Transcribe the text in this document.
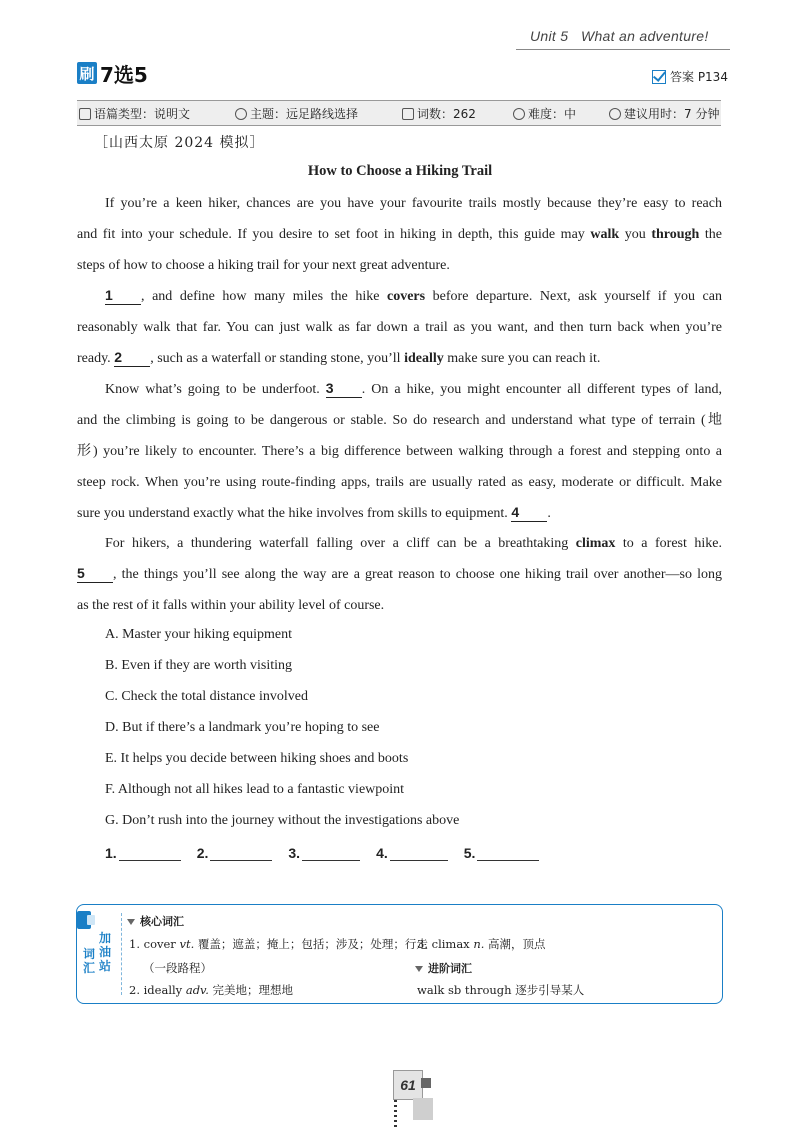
Unit 5 What an adventure!
刷 7选5	答案 P134
语篇类型：说明文	主题：远足路线选择	词数：262	难度：中	建议用时：7 分钟
［山西太原 2024 模拟］
How to Choose a Hiking Trail
If you’re a keen hiker, chances are you have your favourite trails mostly because they’re easy to reach
and fit into your schedule. If you desire to set foot in hiking in depth, this guide may walk you through the
steps of how to choose a hiking trail for your next great adventure.
1 , and define how many miles the hike covers before departure. Next, ask yourself if you can
reasonably walk that far. You can just walk as far down a trail as you want, and then turn back when you’re
ready. 2 , such as a waterfall or standing stone, you’ll ideally make sure you can reach it.
Know what’s going to be underfoot. 3 . On a hike, you might encounter all different types of land,
and the climbing is going to be dangerous or stable. So do research and understand what type of terrain (地
形) you’re likely to encounter. There’s a big difference between walking through a forest and stepping onto a
steep rock. When you’re using route-finding apps, trails are usually rated as easy, moderate or difficult. Make
sure you understand exactly what the hike involves from skills to equipment. 4 .
For hikers, a thundering waterfall falling over a cliff can be a breathtaking climax to a forest hike.
5 , the things you’ll see along the way are a great reason to choose one hiking trail over another—so long
as the rest of it falls within your ability level of course.
A. Master your hiking equipment
B. Even if they are worth visiting
C. Check the total distance involved
D. But if there’s a landmark you’re hoping to see
E. It helps you decide between hiking shoes and boots
F. Although not all hikes lead to a fantastic viewpoint
G. Don’t rush into the journey without the investigations above
1.	2.	3.	4.	5.
词汇
加油站
核心词汇
1. cover vt. 覆盖；遮盖；掩上；包括；涉及；处理；行走
（一段路程）
2. ideally adv. 完美地；理想地
3. climax n. 高潮，顶点
进阶词汇
walk sb through 逐步引导某人
61
